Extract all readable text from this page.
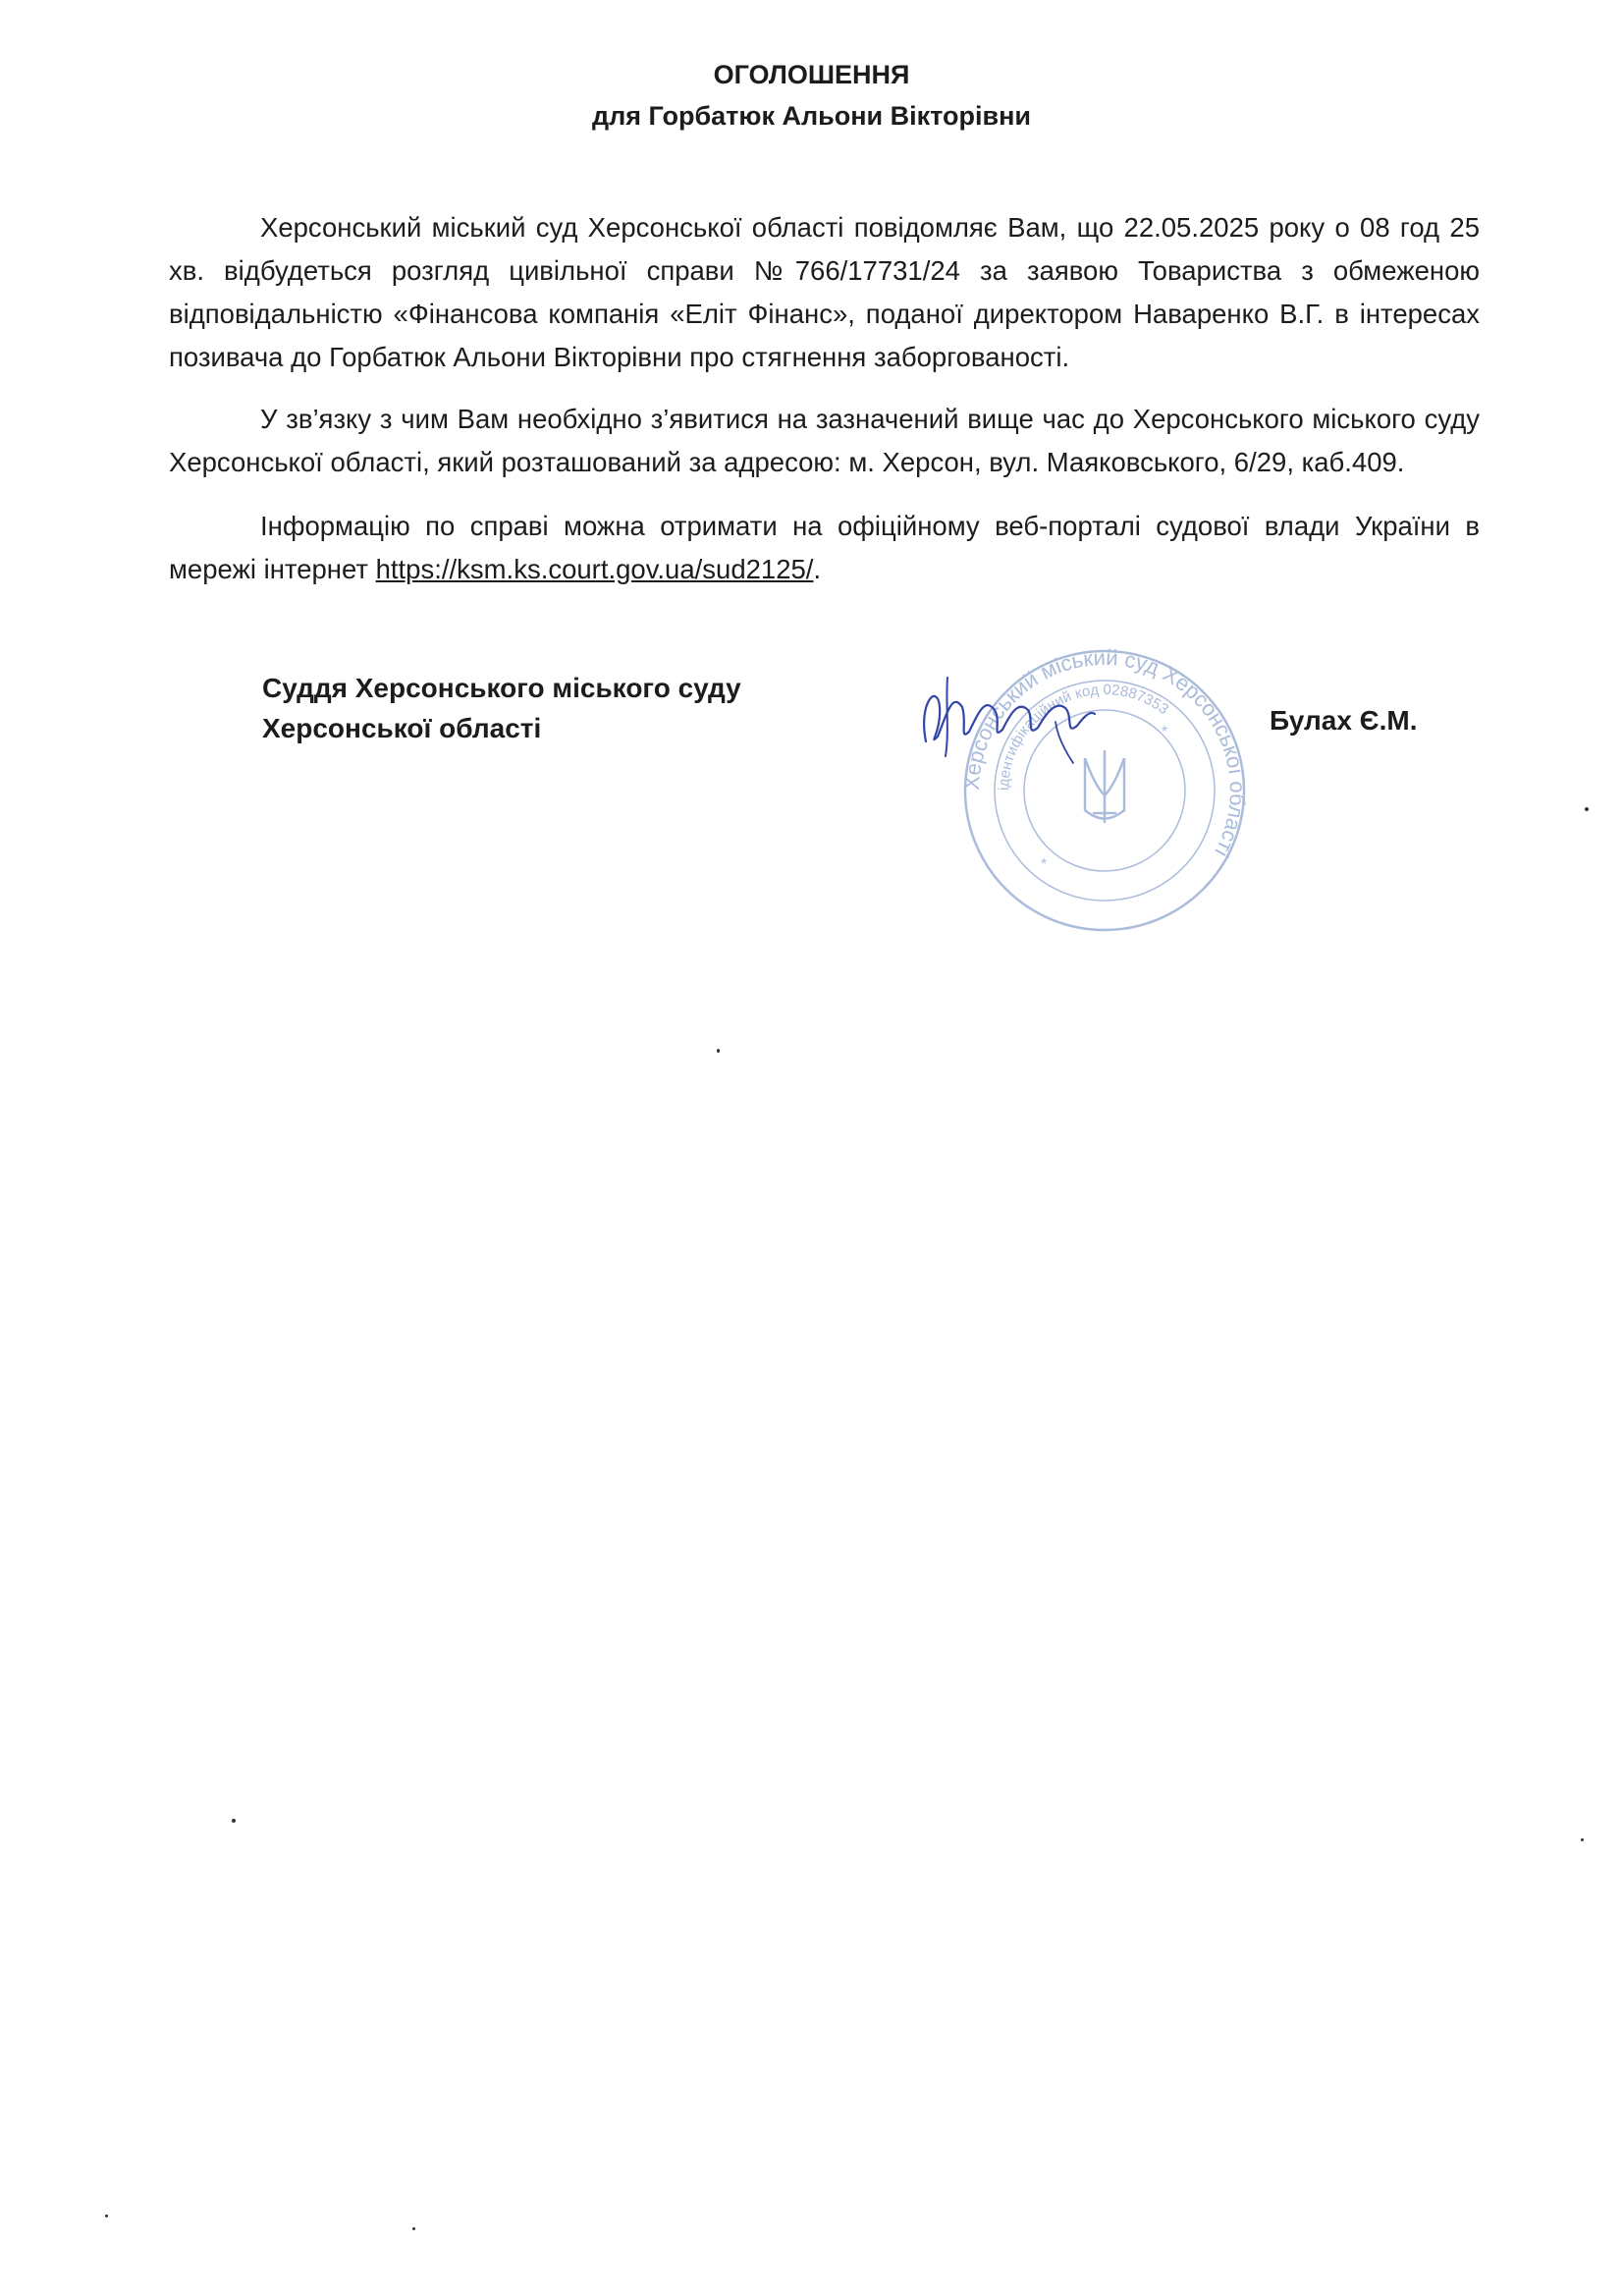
ОГОЛОШЕННЯ
для Горбатюк Альони Вікторівни

Херсонський міський суд Херсонської області повідомляє Вам, що 22.05.2025 року о 08 год 25 хв. відбудеться розгляд цивільної справи №766/17731/24 за заявою Товариства з обмеженою відповідальністю «Фінансова компанія «Еліт Фінанс», поданої директором Наваренко В.Г. в інтересах позивача до Горбатюк Альони Вікторівни про стягнення заборгованості.

У зв’язку з чим Вам необхідно з’явитися на зазначений вище час до Херсонського міського суду Херсонської області, який розташований за адресою: м. Херсон, вул. Маяковського, 6/29, каб.409.

Інформацію по справі можна отримати на офіційному веб-порталі судової влади України в мережі інтернет https://ksm.ks.court.gov.ua/sud2125/.

Суддя Херсонського міського суду
Херсонської області
Херсонський міський суд Херсонської області
ідентифікаційний код 02887353
*
*	Булах Є.М.
